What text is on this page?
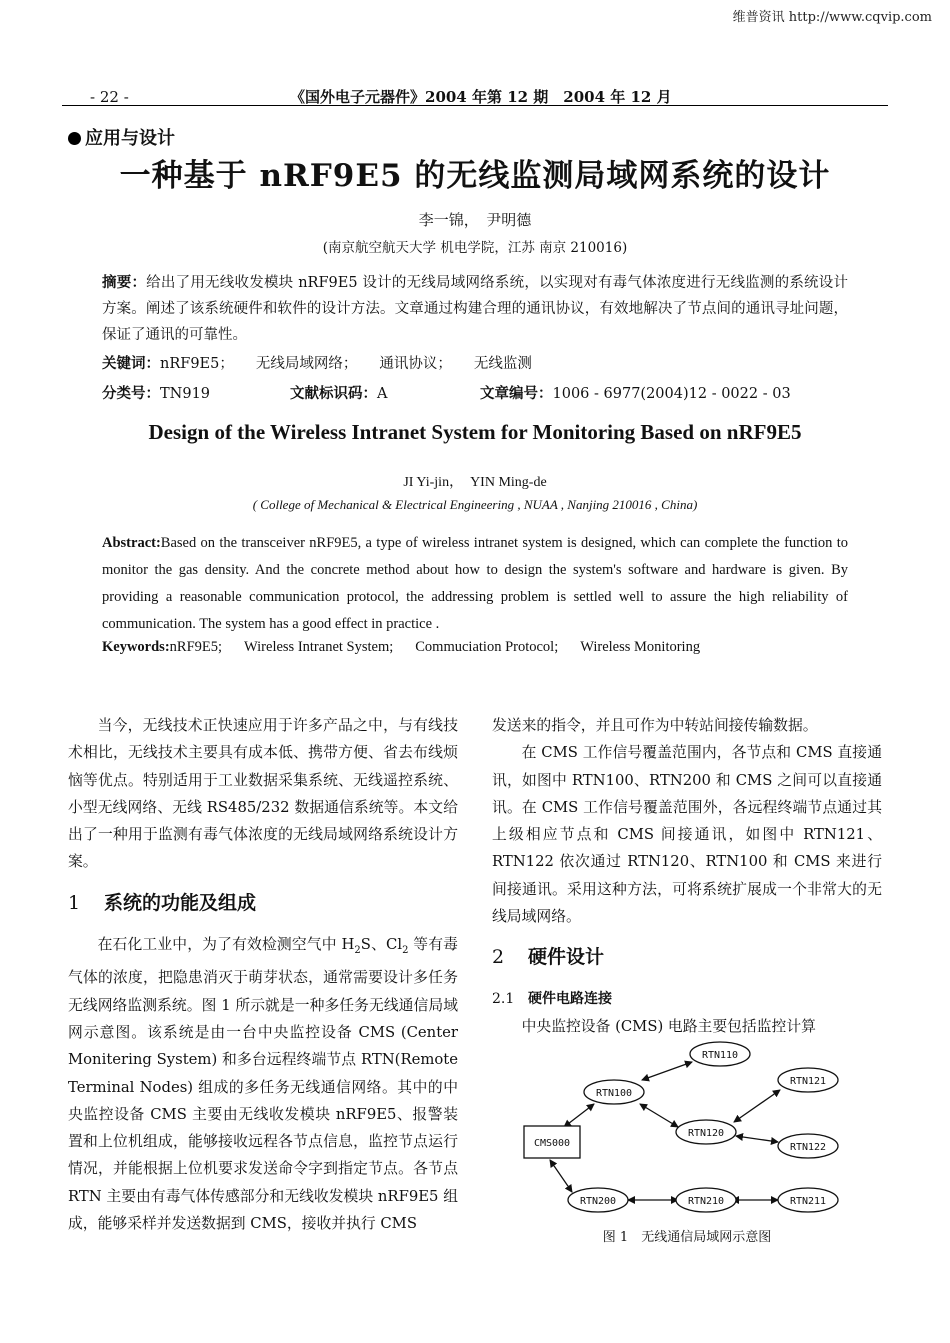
维普资讯 http://www.cqvip.com
- 22 -	《国外电子元器件》2004 年第 12 期　2004 年 12 月
应用与设计
一种基于 nRF9E5 的无线监测局域网系统的设计
李一锦，　尹明德
(南京航空航天大学 机电学院，江苏 南京 210016)
摘要：给出了用无线收发模块 nRF9E5 设计的无线局域网络系统，以实现对有毒气体浓度进行无线监测的系统设计方案。阐述了该系统硬件和软件的设计方法。文章通过构建合理的通讯协议，有效地解决了节点间的通讯寻址问题，保证了通讯的可靠性。
关键词：nRF9E5； 无线局域网络； 通讯协议； 无线监测
分类号：TN919	文献标识码：A	文章编号：1006 - 6977(2004)12 - 0022 - 03
Design of the Wireless Intranet System for Monitoring Based on nRF9E5
JI Yi-jin，　YIN Ming-de
( College of Mechanical & Electrical Engineering , NUAA , Nanjing 210016 , China)
Abstract:Based on the transceiver nRF9E5, a type of wireless intranet system is designed, which can complete the function to monitor the gas density. And the concrete method about how to design the system's software and hardware is given. By providing a reasonable communication protocol, the addressing problem is settled well to assure the high reliability of communication. The system has a good effect in practice .
Keywords:nRF9E5; Wireless Intranet System; Commuciation Protocol; Wireless Monitoring

当今，无线技术正快速应用于许多产品之中，与有线技术相比，无线技术主要具有成本低、携带方便、省去布线烦恼等优点。特别适用于工业数据采集系统、无线遥控系统、小型无线网络、无线 RS485/232 数据通信系统等。本文给出了一种用于监测有毒气体浓度的无线局域网络系统设计方案。

1 系统的功能及组成

在石化工业中，为了有效检测空气中 $H_2S$、$Cl_2$ 等有毒气体的浓度，把隐患消灭于萌芽状态，通常需要设计多任务无线网络监测系统。图 1 所示就是一种多任务无线通信局域网示意图。该系统是由一台中央监控设备 CMS (Center Monitering System) 和多台远程终端节点 RTN(Remote Terminal Nodes) 组成的多任务无线通信网络。其中的中央监控设备 CMS 主要由无线收发模块 nRF9E5、报警装置和上位机组成，能够接收远程各节点信息，监控节点运行情况，并能根据上位机要求发送命令字到指定节点。各节点 RTN 主要由有毒气体传感部分和无线收发模块 nRF9E5 组成，能够采样并发送数据到 CMS，接收并执行 CMS

发送来的指令，并且可作为中转站间接传输数据。

在 CMS 工作信号覆盖范围内，各节点和 CMS 直接通讯，如图中 RTN100、RTN200 和 CMS 之间可以直接通讯。在 CMS 工作信号覆盖范围外，各远程终端节点通过其上级相应节点和 CMS 间接通讯，如图中 RTN121、RTN122 依次通过 RTN120、RTN100 和 CMS 来进行间接通讯。采用这种方法，可将系统扩展成一个非常大的无线局域网络。

2 硬件设计
2.1 硬件电路连接

中央监控设备 (CMS) 电路主要包括监控计算

CMS000
RTN100
RTN110
RTN120
RTN121
RTN122
RTN200	RTN210	RTN211
图 1　无线通信局域网示意图
